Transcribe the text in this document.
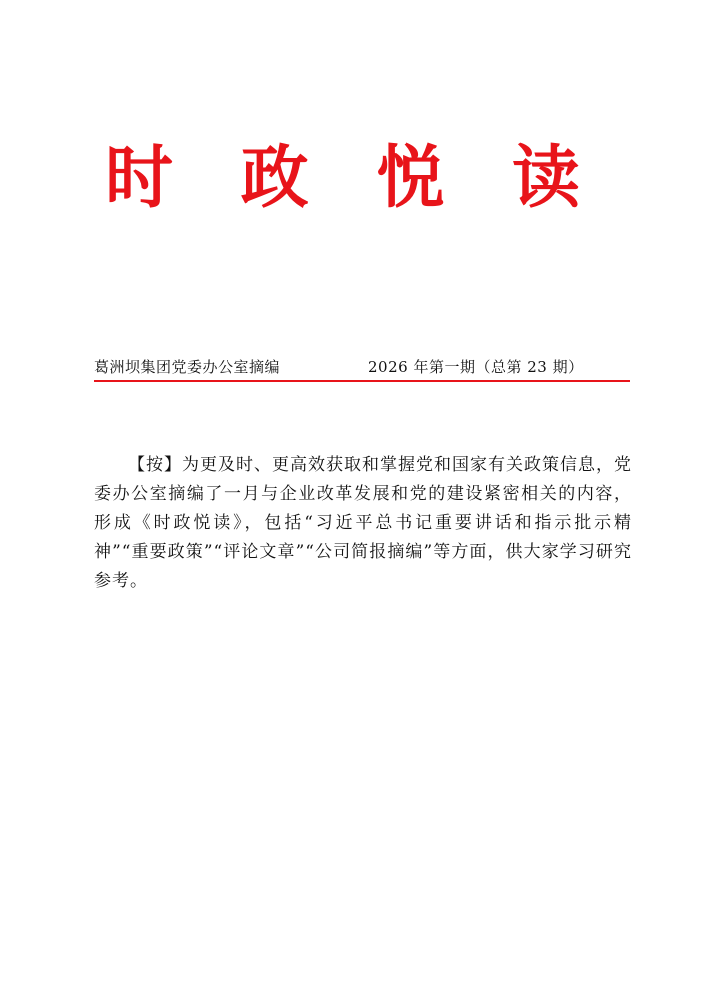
时 政 悦 读
葛洲坝集团党委办公室摘编	2026 年第一期（总第 23 期）

【按】为更及时、更高效获取和掌握党和国家有关政策信息，党委办公室摘编了一月与企业改革发展和党的建设紧密相关的内容，形成《时政悦读》，包括“习近平总书记重要讲话和指示批示精神”“重要政策”“评论文章”“公司简报摘编”等方面，供大家学习研究参考。
